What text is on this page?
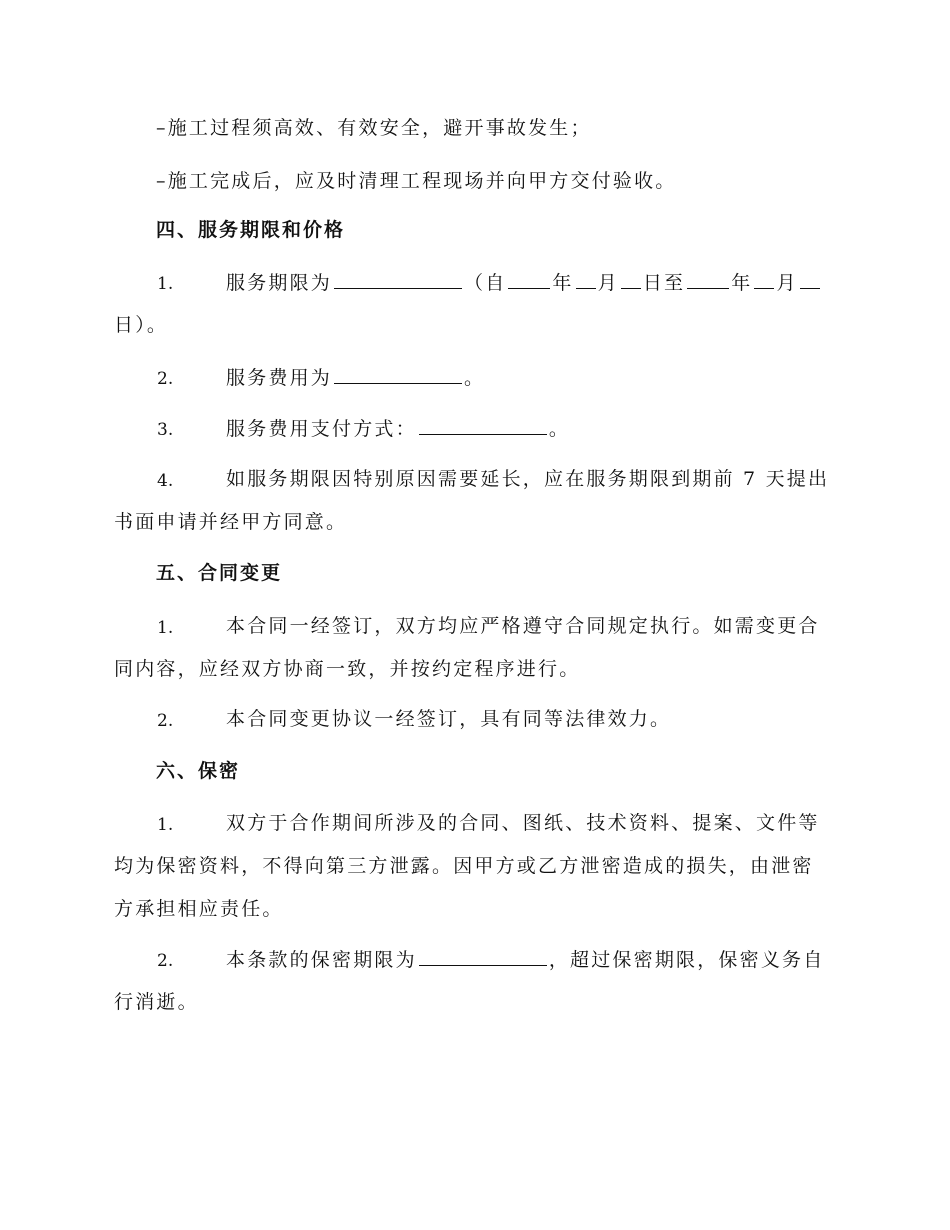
–施工过程须高效、有效安全，避开事故发生；
–施工完成后，应及时清理工程现场并向甲方交付验收。
四、服务期限和价格
1.	服务期限为	（自 年 月 日至 年 月
日）。
2.	服务费用为	。
3.	服务费用支付方式：	。
4.	如服务期限因特别原因需要延长，应在服务期限到期前 7 天提出
书面申请并经甲方同意。
五、合同变更
1.	本合同一经签订，双方均应严格遵守合同规定执行。如需变更合
同内容，应经双方协商一致，并按约定程序进行。
2.	本合同变更协议一经签订，具有同等法律效力。
六、保密
1.	双方于合作期间所涉及的合同、图纸、技术资料、提案、文件等
均为保密资料，不得向第三方泄露。因甲方或乙方泄密造成的损失，由泄密
方承担相应责任。
2.	本条款的保密期限为	，超过保密期限，保密义务自
行消逝。
